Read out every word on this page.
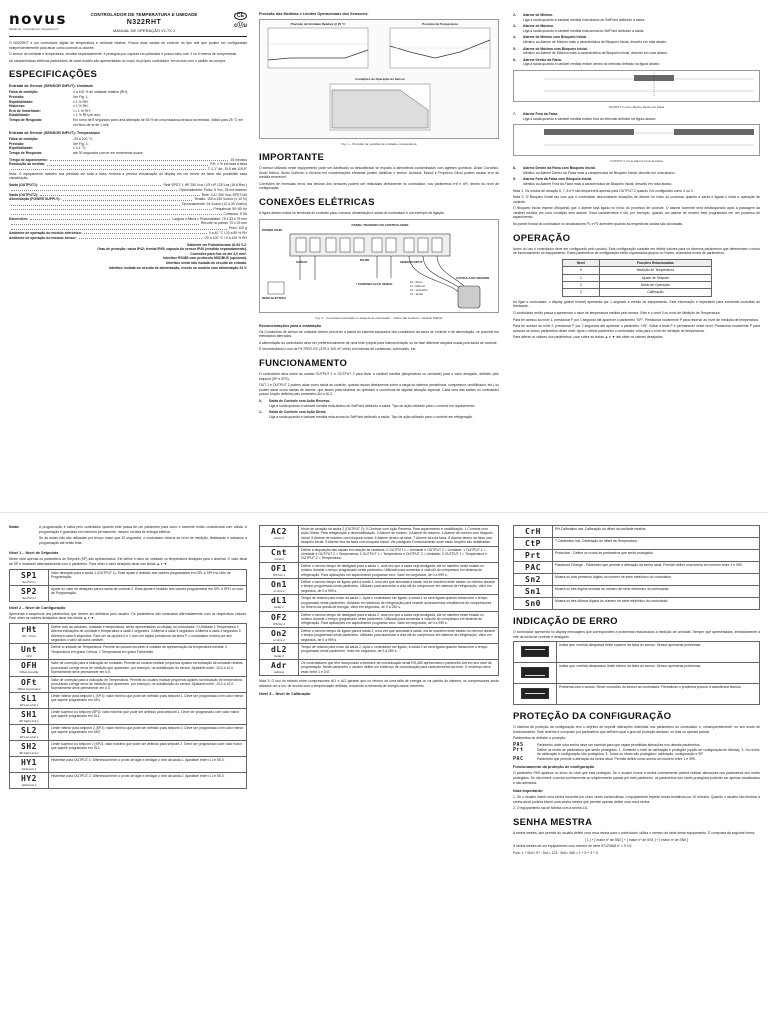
novus
Medimos, Controlamos, Registramos
CONTROLADOR DE TEMPERATURA E UMIDADE
N322RHT
MANUAL DE OPERAÇÃO V1.7X J
CE
cⓊu

O N322RHT é um controlador digital de temperatura e umidade relativa. Possui duas saídas de controle do tipo relé que podem ser configuradas independentemente para atuar como controle ou alarme.

O sensor de umidade e temperatura, vendido separadamente, é protegido por cápsula em poliamida e possui cabo com 3 ou 6 metros de comprimento.

As características elétricas particulares de cada modelo são apresentadas no corpo do próprio controlador, em acordo com o pedido de compra.

ESPECIFICAÇÕES
Entrada de Sensor (SENSOR INPUT): Umidade
Faixa de medição:	0 a 100 % de umidade relativa (RH);
Precisão:	Ver Fig. 1;
Repetibilidade:	± 1 % RH;
Histerese:	± 1 % RH;
Erro de linearidade:	<= 1 % RH;
Estabilidade:	< 1 % RH por ano;
Tempo de Resposta:	Em torno de 8 segundos para uma alteração de 63 % de uma mudança brusca na entrada. Válido para 25 °C em um fluxo de ar de 1 m/s.
Entrada de Sensor (SENSOR INPUT): Temperatura
Faixa de medição:	-20 a 100 °C;
Precisão:	Ver Fig. 1;
Repetibilidade:	± 0,1 °C;
Tempo de Resposta:	até 30 segundos com ar em movimento suave.
Tempo de aquecimento:	15 minutos
Resolução da medida:	RH: 1 % em toda a faixa
T: 0,1° de -19,9 até 119,9°

Nota: O equipamento mantém sua precisão em toda a faixa, embora a precisa visualização do display em um trecho da faixa não possibilite essa visualização.

Saída (OUTPUT1):	Relé SPDT; 1 HP 250 Vca / 1/3 HP 125 Vca (16 A Res.)
Opcionalmente: Pulso, 5 Vcc, 25 mA máximo
Saída (OUTPUT2):	Relé: 3 A / 250 Vca, SPST-NA
Alimentação (POWER SUPPLY):	Tensão: 100 a 240 Vca/cc (± 10 %)
Opcionalmente: 24 Vca/cc (12 a 30 Vca/cc)
Frequência: 50~60 Hz
Consumo: 5 VA
Dimensões:	Largura x Altura x Profundidade: 75 x 33 x 75 mm
Recorte no painel: 70 x 29 mm
Peso: 100 g
Ambiente de operação do módulo eletrônico:	0 a 40 °C / 20 a 85 % RH
Ambiente de operação do módulo sensor:	-20 a 100 °C / 0 a 100 % RH
Gabinete em Policarbonato UL94 V-2.
Grau de proteção: caixa IP42; frontal IP65, cápsula do sensor IP40 (vendido separadamente).
Conexões para fios de até 4,0 mm².
Interface RS485 com protocolo MODBUS (opcional).
Interface serial não isolada do circuito de entrada.
Interface isolada do circuito de alimentação, exceto no modelo com alimentação 24 V.
Precisão das Medidas e Limites Operacionais dos Sensores:
Precisão da Umidade Relativa @ 25 °C	Precisão da Temperatura
Condições de Operação do Sensor
Fig. 1 – Precisão na medição de umidade e temperatura
IMPORTANTE

O sensor utilizado neste equipamento pode ser danificado ou descalibrado se exposto a atmosferas contaminadas com agentes químicos. Ácido Clorídrico, Ácido Nítrico, Ácido Sulfúrico e Amônia em concentrações elevadas podem danificar o sensor. Acetona, Etanol e Propileno Glicol podem causar erro de medida reversível.

Correções de eventuais erros nas leituras dos sensores podem ser realizadas diretamente no controlador, nos parâmetros rHt e oFt, dentro do nível de configuração.

CONEXÕES ELÉTRICAS

A figura abaixo indica os terminais de conexão para o sensor, alimentação e saída do controlador e um exemplo de ligação.

PAINEL TRASEIRO DO CONTROLADOR
POWER MAIN
SAÍDAS	RS485	SENSOR INPUT
REDE ELÉTRICA
* COMUNICAÇÃO SERIAL
CÁPSULA DO SENSOR
10 - Preto
11 - Marrom
12 - Vermelho
13 - Verde
Fig. 2 – Conexões mostradas no etiqueta do controlador – Relés não inclusos – Modelo Padrão
Recomendações para a instalação

Os Condutores de sensor de umidade devem percorrer a planta do sistema separados dos condutores da saída de controle e de alimentação, se possível em eletrodutos aterrados.

A alimentação do controlador deve ser preferencialmente de uma rede própria para instrumentação ou de fase diferente daquela usada pela saída de controle.

É recomendável o uso de FILTROS RC (47R e 100 nF, série) em bobinas de contatoras, solenoides, etc.

FUNCIONAMENTO

O controlador atua sobre as saídas OUTPUT 1 e OUTPUT 2 para levar a variável medida (temperatura ou umidade) para o valor desejado, definido pelo setpoint (SP e SP2).

OUT 1 e OUTPUT 2 podem atuar como saída de controle, quando atuam diretamente sobre a carga do sistema (resistência, compressor, umidificador, etc.) ou podem atuar como saídas de alarme, que atuam para sinalizar ao operador a ocorrência de alguma situação especial. Cada uma das saídas do controlador possui função definida pelo parâmetro ALt e AL2.

0- Saída de Controle com Ação Reversa.
Liga a saída quando a variável medida está abaixo do SetPoint atribuído à saída. Tipo de ação utilizado para o controle em aquecimento.
1- Saída de Controle com Ação Direta.
Liga a saída quando a variável medida está acima do SetPoint atribuído à saída. Tipo de ação utilizado para o controle em refrigeração.
2- Alarme de Mínimo.
Liga a saída quando a variável medida está abaixo do SetPoint atribuído à saída.
3- Alarme de Máximo.
Liga a saída quando a variável medida está acima do SetPoint atribuído à saída.
4- Alarme de Mínimo com Bloqueio Inicial.
Idêntico ao Alarme de Mínimo mais a característica de Bloqueio Inicial, descrito em nota abaixo.
5- Alarme de Máximo com Bloqueio Inicial.
Idêntico ao Alarme de Máximo mais a característica de Bloqueio Inicial, descrito em nota abaixo.
6- Alarme Dentro da Faixa.
Liga a saída quando a variável medida estiver dentro do intervalo definido na figura abaixo:
OUTPUT 2 como Alarme Dentro de Faixa
7- Alarme Fora da Faixa.
Liga a saída quando a variável medida estiver fora do intervalo definido na figura abaixo:
OUTPUT 2 como Alarme Fora de Faixa
8- Alarme Dentro da Faixa com Bloqueio Inicial.
Idêntico ao Alarme Dentro da Faixa mais a característica de Bloqueio Inicial, descrito em nota abaixo.
9- Alarme Fora da Faixa com Bloqueio Inicial.
Idêntico ao Alarme Fora da Faixa mais a característica de Bloqueio Inicial, descrito em nota abaixo.

Nota 1: Os modos de atuação 6, 7, 8 e 9 são disponíveis apenas para OUTPUT 2 quando Cnt configurado como 3 ou 3.

Nota 2: O Bloqueio Inicial faz com que o controlador desconsidere situações de alarme no início do processo quando a saída é ligada e inicia a operação de controle.

O Bloqueio Inicial impede (bloqueia) que o alarme seja ligado no início do processo de controle. O alarme somente será desbloqueado após a passagem da variável medida por uma condição sem alarme. Essa característica é útil, por exemplo, quando um alarme de mínimo está programado em um processo de aquecimento.

No painel frontal do controlador os sinalizadores P1 e P2 acendem quando as respectivas saídas são acionadas.

OPERAÇÃO

Antes do uso o controlador deve ser configurado pelo usuário. Esta configuração consiste em definir valores para os diversos parâmetros que determinam o modo de funcionamento do equipamento. Estes parâmetros de configuração estão organizados grupos ou Níveis, chamados níveis de parâmetros.

Nível	Funções Relacionadas
0	Medição de Temperatura
1	Ajuste de Setpoint
2	Modo de Operação
3	Calibração

Ao ligar o controlador, o display (painel frontal) apresenta por 1 segundo a versão do equipamento. Esta informação é importante para eventuais consultas ao fabricante.

O controlador então passa a apresentar o valor de temperatura medida pelo sensor. Este é o nível 0 ou nível de Medição de Temperatura.

Para ter acesso ao nível 1, pressionar P por 1 segundo até aparecer o parâmetro "SP". Pressionar novamente P para retornar ao nível de medição de temperatura.

Para ter acesso ao nível 2, pressionar P por 2 segundos até aparecer o parâmetro "rHt". Soltar a tecla P e permanecer neste nível. Pressionar novamente P para acessar os outros parâmetros deste nível. Após o último parâmetro o controlador volta para o nível de medição de temperatura.

Para alterar os valores dos parâmetros, usar sobre as teclas ▲ e ▼ até obter os valores desejados.

Notas:	A programação é salva pelo controlador quando este passa de um parâmetro para outro e somente então considerada com válida. A programação é guardada em memória permanente, mesmo na falta de energia elétrica.

Se as teclas não são utilizadas por tempo maior que 20 segundos, o controlador retorna ao nível de medição, finalizando e salvando a programação até então feita.

Nível 1 – Nível de Setpoints

Neste nível apenas os parâmetros de Setpoint (SP) são apresentados. Ele define o valor de umidade ou temperatura desejado para o sistema. O valor atual de SP é mostrado alternadamente com o parâmetro. Para obter o valor desejado atuar nas teclas ▲ e ▼.

SP1
Set Point 1	Valor desejado para a saída 1 (OUTPUT 1). Esse ajuste é limitado aos valores programados em SPL e SPH no ciclo de Programação.

SP2
Set Point 2	Ajuste do valor de desejado para a saída de controle 2. Esse ajuste é limitado aos valores programados em SPL e SPH no ciclo de Programação.
Nível 2 – Nível de Configuração

Apresenta a sequência dos parâmetros que devem ser definidos pelo usuário. Os parâmetros são mostrados alternadamente com os respectivos valores. Pare obter os valores desejados atuar nas teclas ▲ e ▼.

rHt
RH - Temp	Define com as variáveis, umidade e temperatura, serão apresentadas no display do controlador: 0 Umidade 1 Temperatura 2 Alterna indicações de umidade e temperatura a cada 2 segundos. 3 Alterna a cada 3 segundos 4 Alterna a cada 4 segundos 5 Alterna a cada 5 segundos. Para ver as opções 0 e 1 com um rápido pressionar da tecla P, o controlador mostra por dez segundos o valor da outra variável.

Unt
Unit	Define a unidade de Temperatura. Permite ao usuário escolher a unidade de apresentação da temperatura medida. 0 Temperatura em graus Celsius. 1 Temperatura em graus Fahrenheit

OFH
Offset Humidity	Valor de correção para a indicação de umidade. Permite ao usuário realizar pequenos ajustes na indicação de umidade relativa, procurando corrigir erros de medição que aparecem, por exemplo, na substituição do sensor. Ajustável entre -10,0 a 10,0. Normalmente deve permanecer em 0,0.

OFt
Offset temperature	Valor de correção para a indicação de Temperatura. Permite ao usuário realizar pequenos ajustes na indicação de temperatura, procurando corrigir erros de medição que aparecem, por exemplo, na substituição do sensor. Ajustável entre -10,0 a 10,0. Normalmente deve permanecer em 0,0.

SL1
SP Low Limit 1	Limite inferior para setpoint 1 (SP1): valor mínimo que pode ser definido para setpoint 1. Deve ser programado com valor menor que aquele programado em SH1.

SH1
SP High Limit 1	Limite superior do setpoint (SP1): valor máximo que pode ser definido para setpoint 1. Deve ser programado com valor maior que aquele programado em SL1.

SL2
SP Low Limit 2	Limite inferior para setpoint 2 (SP2): valor mínimo que pode ser definido para setpoint 2. Deve ser programado com valor menor que aquele programado em SH2.

SH2
SP High Limit 2	Limite superior do setpoint 2 (SP2): valor máximo que pode ser definido para setpoint 2. Deve ser programado com valor maior que aquele programado em SL2.

HY1
Histeresis 1	Histerese para OUTPUT 1: Diferencial entre o ponto de ligar e desligar o relé da saída 1. Ajustável entre 0,1 e 50,0.

HY2
Histeresis 2	Histerese para OUTPUT 2: Diferencial entre o ponto de ligar e desligar o relé da saída 2. Ajustável entre 0,1 e 50,0.
AC2
Action 2	Modo de atuação da saída 2 (OUTPUT 2): 0 Controle com Ação Reversa. Para aquecimento e umidificação. 1 Controle com Ação Direta. Para refrigeração e desumidificação. 2 Alarme de mínimo. 3 Alarme de máximo. 4 Alarme de mínimo com bloqueio inicial. 5 Alarme de máximo com bloqueio inicial. 6 Alarme dentro da faixa. 7 Alarme fora da faixa. 8 Alarme dentro da faixa com bloqueio inicial. 9 Alarme fora da faixa com bloqueio inicial. Ver parágrafo Funcionamento onde estas funções são detalhadas.

Cnt
Control	Define a disposição das saídas em relação às variáveis. 0 OUTPUT 1 = Umidade e OUTPUT 2 = Umidade; 1 OUTPUT 1 = Umidade e OUTPUT 2 = Temperatura; 2 OUTPUT 1 = Temperatura e OUTPUT 2 = Umidade; 3 OUTPUT 1 = Temperatura e OUTPUT 2 = Temperatura;

OF1
Off time 1	Define o mínimo tempo de desligado para a saída 1, uma vez que a saída seja desligada, ela se mantém neste estado no mínimo durante o tempo programado neste parâmetro. Utilizado para aumentar a vida útil do compressor em sistema de refrigeração. Para aplicações em aquecimento programar zero. Valor em segundos, de 0 a 999 s.

On1
on time 1	Define o mínimo tempo de ligado para a saída 1, uma vez que acionada a saída, ela se mantém neste estado no mínimo durante o tempo programado neste parâmetro. Utilizado para aumentar a vida útil do compressor em sistema de refrigeração. Valor em segundos, de 0 a 999 s.

dL1
Delay 1	Tempo de retardo para início da saída 1. Após o controlador ser ligado, a saída 1 só será ligada quando transcorrer o tempo programado neste parâmetro. Utilizado em sistemas de refrigeração para impedir acionamentos simultâneos de compressores no retorno da queda de energia. Valor em segundos, de 0 a 250 s.

OF2
Off time 2	Define o mínimo tempo de desligado para a saída 2, uma vez que a saída seja desligada, ela se mantém neste estado no mínimo durante o tempo programado neste parâmetro. Utilizado para aumentar a vida útil do compressor em sistema de refrigeração. Para aplicações em aquecimento programar zero. Valor em segundos, de 0 a 999 s.

On2
on time 2	Define o mínimo tempo de ligado para a saída 2, uma vez que acionada a saída, ela se mantém neste estado no mínimo durante o tempo programado neste parâmetro. Utilizado para aumentar a vida útil do compressor em sistema de refrigeração. Valor em segundos, de 0 a 999 s.

dL2
Delay 2	Tempo de retardo para início da saída 2. Após o controlador ser ligado, a saída 2 só será ligada quando transcorrer o tempo programado neste parâmetro. Valor em segundos, de 0 a 250 s.

Adr
Address	Os controladores que têm incorporado a interface de comunicação serial RS-485 apresentam o parâmetro Adr em seu nível de programação. Neste parâmetro o usuário define um endereço de comunicação para cada elemento da rede. O endereço deve estar entre 1 e 247.

Nota 3: O uso do retardo entre compressores dL1 e dL2 garante que no retorno de uma falta de energia ou na partida do sistema, os compressores serão ativados um a um, de acordo com a temporização definida, reduzindo a demanda de energia nesse momento.

Nível 3 – Nível de Calibração
CrH	RH Calibration low. Calibração do offset da umidade relativa.

CtP	T Calibration low. Calibração do offset da Temperatura.

Prt	Protection - Define os níveis de parâmetros que serão protegidos.

PAC	Password Change - Parâmetro que permite a alteração da senha atual. Permite definir uma senha em número entre 1 e 999.

Sn2	Mostra os dois primeiros dígitos do número de série eletrônico do controlador.

Sn1	Mostra os três dígitos centrais do número de série eletrônico do controlador.

Sn0	Mostra os três últimos dígitos do número de série eletrônico do controlador.
INDICAÇÃO DE ERRO

O controlador apresenta no display mensagens que correspondem a problemas relacionados à medição de umidade. Sempre que apresentadas, imediatamente a relé da saída de controle é desligado.

	Indica que: medida ultrapassa limite superior da faixa do sensor. Sensor apresenta problemas.

	Indica que: medida ultrapassou limite inferior da faixa do sensor. Sensor apresenta problemas.

	Problema com o sensor. Rever conexões do sensor ao controlador. Persistindo o problema procure a assistência técnica.
PROTEÇÃO DA CONFIGURAÇÃO

O sistema de proteção da configuração tem o objetivo de impedir alterações indevidas nos parâmetros do controlador e, consequentemente, no seu modo de funcionamento. Este sistema é composto por parâmetros que definem qual o grau de proteção adotado, se total ou apenas parcial.

Parâmetros de definem a proteção:

PAS	Parâmetro onde uma senha deve ser inserida para que sejam permitidas alterações nos demais parâmetros.
Prt	Define os níveis de parâmetros que serão protegidos. 1- Somente o nível de calibração é protegido (opção de configuração de fábrica); 2- Os níveis de calibração e configuração são protegidos; 3- Todos os níveis são protegidos: calibração, configuração e SP.
PAC	Parâmetro que permite a alteração da senha atual. Permite definir como senha um número entre 1 e 999.
Funcionamento da proteção de configuração

O parâmetro PAS aparece no início do nível que está protegido. Se o usuário inserir a senha corretamente poderá realizar alterações nos parâmetros dos níveis protegidos. Se não inserir a senha corretamente ou simplesmente passar por este parâmetro, os parâmetros dos níveis protegidos poderão ser apenas visualizados e não alterados.

Nota Importante:

1- Se o usuário inserir uma senha incorreta por cinco vezes consecutivas, o equipamento impede novas tentativas por 10 minutos. Quando o usuário não lembrar a senha atual, poderá inserir uma senha mestra que permite apenas definir uma nova senha.

2- O equipamento sai de fábrica com a senha 111.

SENHA MESTRA

A senha mestra, que permite ao usuário definir uma nova senha para o controlador, utiliza o número de série deste equipamento. É composta da seguinte forma:

[ 1 ] + [ maior nº de SN2 ] + [ maior nº de SN1 ] + [ maior nº de SN0 ]

A senha mestra de um equipamento com número de série 97123465 é: 1 9 3 6

Pois: 1 + Sn2= 97 ; Sn1= 123 ; Sn0= 465 = 1 + 9 + 3 + 6
